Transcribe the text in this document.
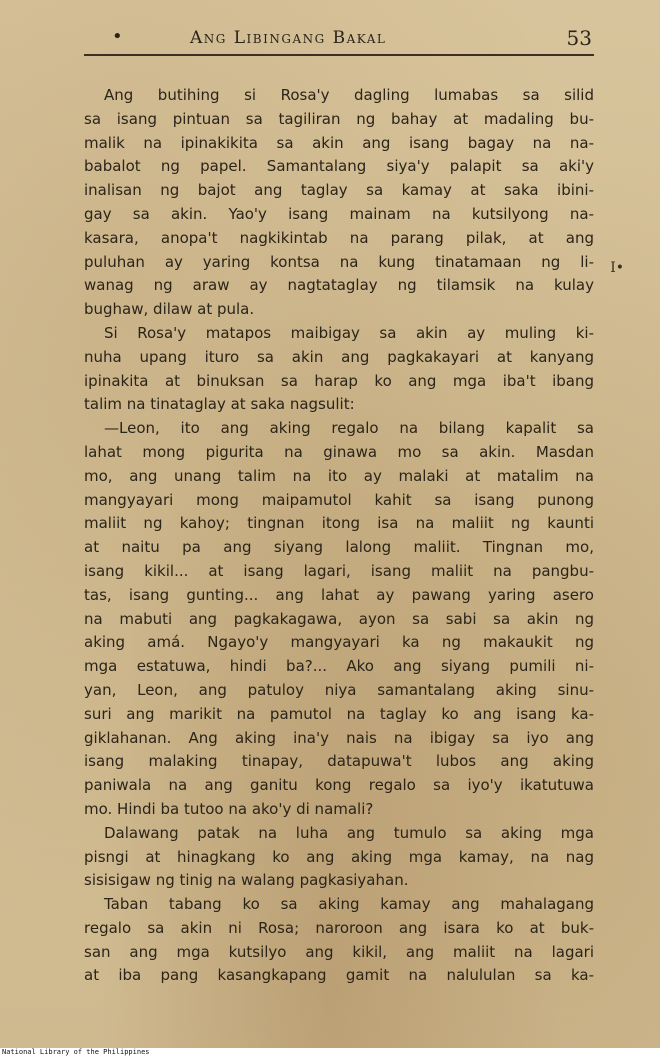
•	Ang Libingang Bakal	53
Ang butihing si Rosa'y dagling lumabas sa silid
sa isang pintuan sa tagiliran ng bahay at madaling bu-
malik na ipinakikita sa akin ang isang bagay na na-
babalot ng papel. Samantalang siya'y palapit sa aki'y
inalisan ng bajot ang taglay sa kamay at saka ibini-
gay sa akin. Yao'y isang mainam na kutsilyong na-
kasara, anopa't nagkikintab na parang pilak, at ang
puluhan ay yaring kontsa na kung tinatamaan ng li-
wanag ng araw ay nagtataglay ng tilamsik na kulay
bughaw, dilaw at pula.
Si Rosa'y matapos maibigay sa akin ay muling ki-
nuha upang ituro sa akin ang pagkakayari at kanyang
ipinakita at binuksan sa harap ko ang mga iba't ibang
talim na tinataglay at saka nagsulit:
—Leon, ito ang aking regalo na bilang kapalit sa
lahat mong pigurita na ginawa mo sa akin. Masdan
mo, ang unang talim na ito ay malaki at matalim na
mangyayari mong maipamutol kahit sa isang punong
maliit ng kahoy; tingnan itong isa na maliit ng kaunti
at naitu pa ang siyang lalong maliit. Tingnan mo,
isang kikil... at isang lagari, isang maliit na pangbu-
tas, isang gunting... ang lahat ay pawang yaring asero
na mabuti ang pagkakagawa, ayon sa sabi sa akin ng
aking amá. Ngayo'y mangyayari ka ng makaukit ng
mga estatuwa, hindi ba?... Ako ang siyang pumili ni-
yan, Leon, ang patuloy niya samantalang aking sinu-
suri ang marikit na pamutol na taglay ko ang isang ka-
giklahanan. Ang aking ina'y nais na ibigay sa iyo ang
isang malaking tinapay, datapuwa't lubos ang aking
paniwala na ang ganitu kong regalo sa iyo'y ikatutuwa
mo. Hindi ba tutoo na ako'y di namali?
Dalawang patak na luha ang tumulo sa aking mga
pisngi at hinagkang ko ang aking mga kamay, na nag
sisisigaw ng tinig na walang pagkasiyahan.
Taban tabang ko sa aking kamay ang mahalagang
regalo sa akin ni Rosa; naroroon ang isara ko at buk-
san ang mga kutsilyo ang kikil, ang maliit na lagari
at iba pang kasangkapang gamit na nalululan sa ka-
I•
National Library of the Philippines
